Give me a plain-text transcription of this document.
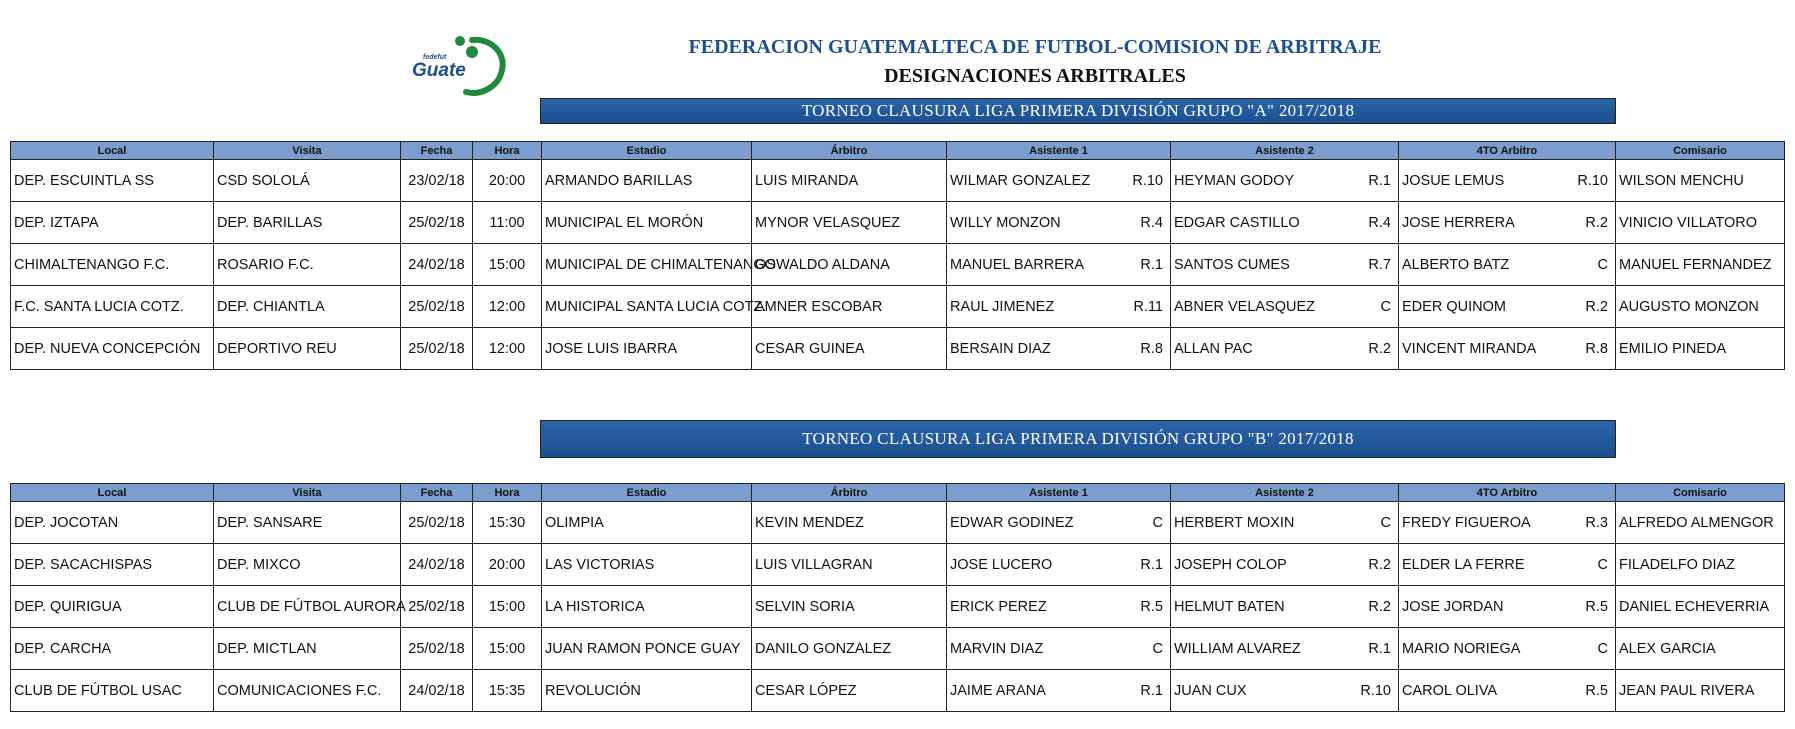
fedefut
Guate
FEDERACION GUATEMALTECA DE FUTBOL-COMISION DE ARBITRAJE
DESIGNACIONES ARBITRALES
TORNEO CLAUSURA LIGA PRIMERA DIVISIÓN GRUPO "A" 2017/2018
Local	Visita	Fecha	Hora	Estadio	Árbitro	Asistente 1	Asistente 2	4TO Arbitro	Comisario
DEP. ESCUINTLA SS	CSD SOLOLÁ	23/02/18	20:00	ARMANDO BARILLAS	LUIS MIRANDA	WILMAR GONZALEZ R.10	HEYMAN GODOY R.1	JOSUE LEMUS R.10	WILSON MENCHU
DEP. IZTAPA	DEP. BARILLAS	25/02/18	11:00	MUNICIPAL EL MORÓN	MYNOR VELASQUEZ	WILLY MONZON R.4	EDGAR CASTILLO R.4	JOSE HERRERA R.2	VINICIO VILLATORO
CHIMALTENANGO F.C.	ROSARIO F.C.	24/02/18	15:00	MUNICIPAL DE CHIMALTENANGO	OSWALDO ALDANA	MANUEL BARRERA R.1	SANTOS CUMES R.7	ALBERTO BATZ C	MANUEL FERNANDEZ
F.C. SANTA LUCIA COTZ.	DEP. CHIANTLA	25/02/18	12:00	MUNICIPAL SANTA LUCIA COTZ.	AMNER ESCOBAR	RAUL JIMENEZ R.11	ABNER VELASQUEZ C	EDER QUINOM R.2	AUGUSTO MONZON
DEP. NUEVA CONCEPCIÓN	DEPORTIVO REU	25/02/18	12:00	JOSE LUIS IBARRA	CESAR GUINEA	BERSAIN DIAZ R.8	ALLAN PAC R.2	VINCENT MIRANDA R.8	EMILIO PINEDA
TORNEO CLAUSURA LIGA PRIMERA DIVISIÓN GRUPO "B" 2017/2018
Local	Visita	Fecha	Hora	Estadio	Árbitro	Asistente 1	Asistente 2	4TO Arbitro	Comisario
DEP. JOCOTAN	DEP. SANSARE	25/02/18	15:30	OLIMPIA	KEVIN MENDEZ	EDWAR GODINEZ C	HERBERT MOXIN C	FREDY FIGUEROA R.3	ALFREDO ALMENGOR
DEP. SACACHISPAS	DEP. MIXCO	24/02/18	20:00	LAS VICTORIAS	LUIS VILLAGRAN	JOSE LUCERO R.1	JOSEPH COLOP R.2	ELDER LA FERRE C	FILADELFO DIAZ
DEP. QUIRIGUA	CLUB DE FÚTBOL AURORA	25/02/18	15:00	LA HISTORICA	SELVIN SORIA	ERICK PEREZ R.5	HELMUT BATEN R.2	JOSE JORDAN R.5	DANIEL ECHEVERRIA
DEP. CARCHA	DEP. MICTLAN	25/02/18	15:00	JUAN RAMON PONCE GUAY	DANILO GONZALEZ	MARVIN DIAZ C	WILLIAM ALVAREZ R.1	MARIO NORIEGA C	ALEX GARCIA
CLUB DE FÚTBOL USAC	COMUNICACIONES F.C.	24/02/18	15:35	REVOLUCIÓN	CESAR LÓPEZ	JAIME ARANA R.1	JUAN CUX R.10	CAROL OLIVA R.5	JEAN PAUL RIVERA
